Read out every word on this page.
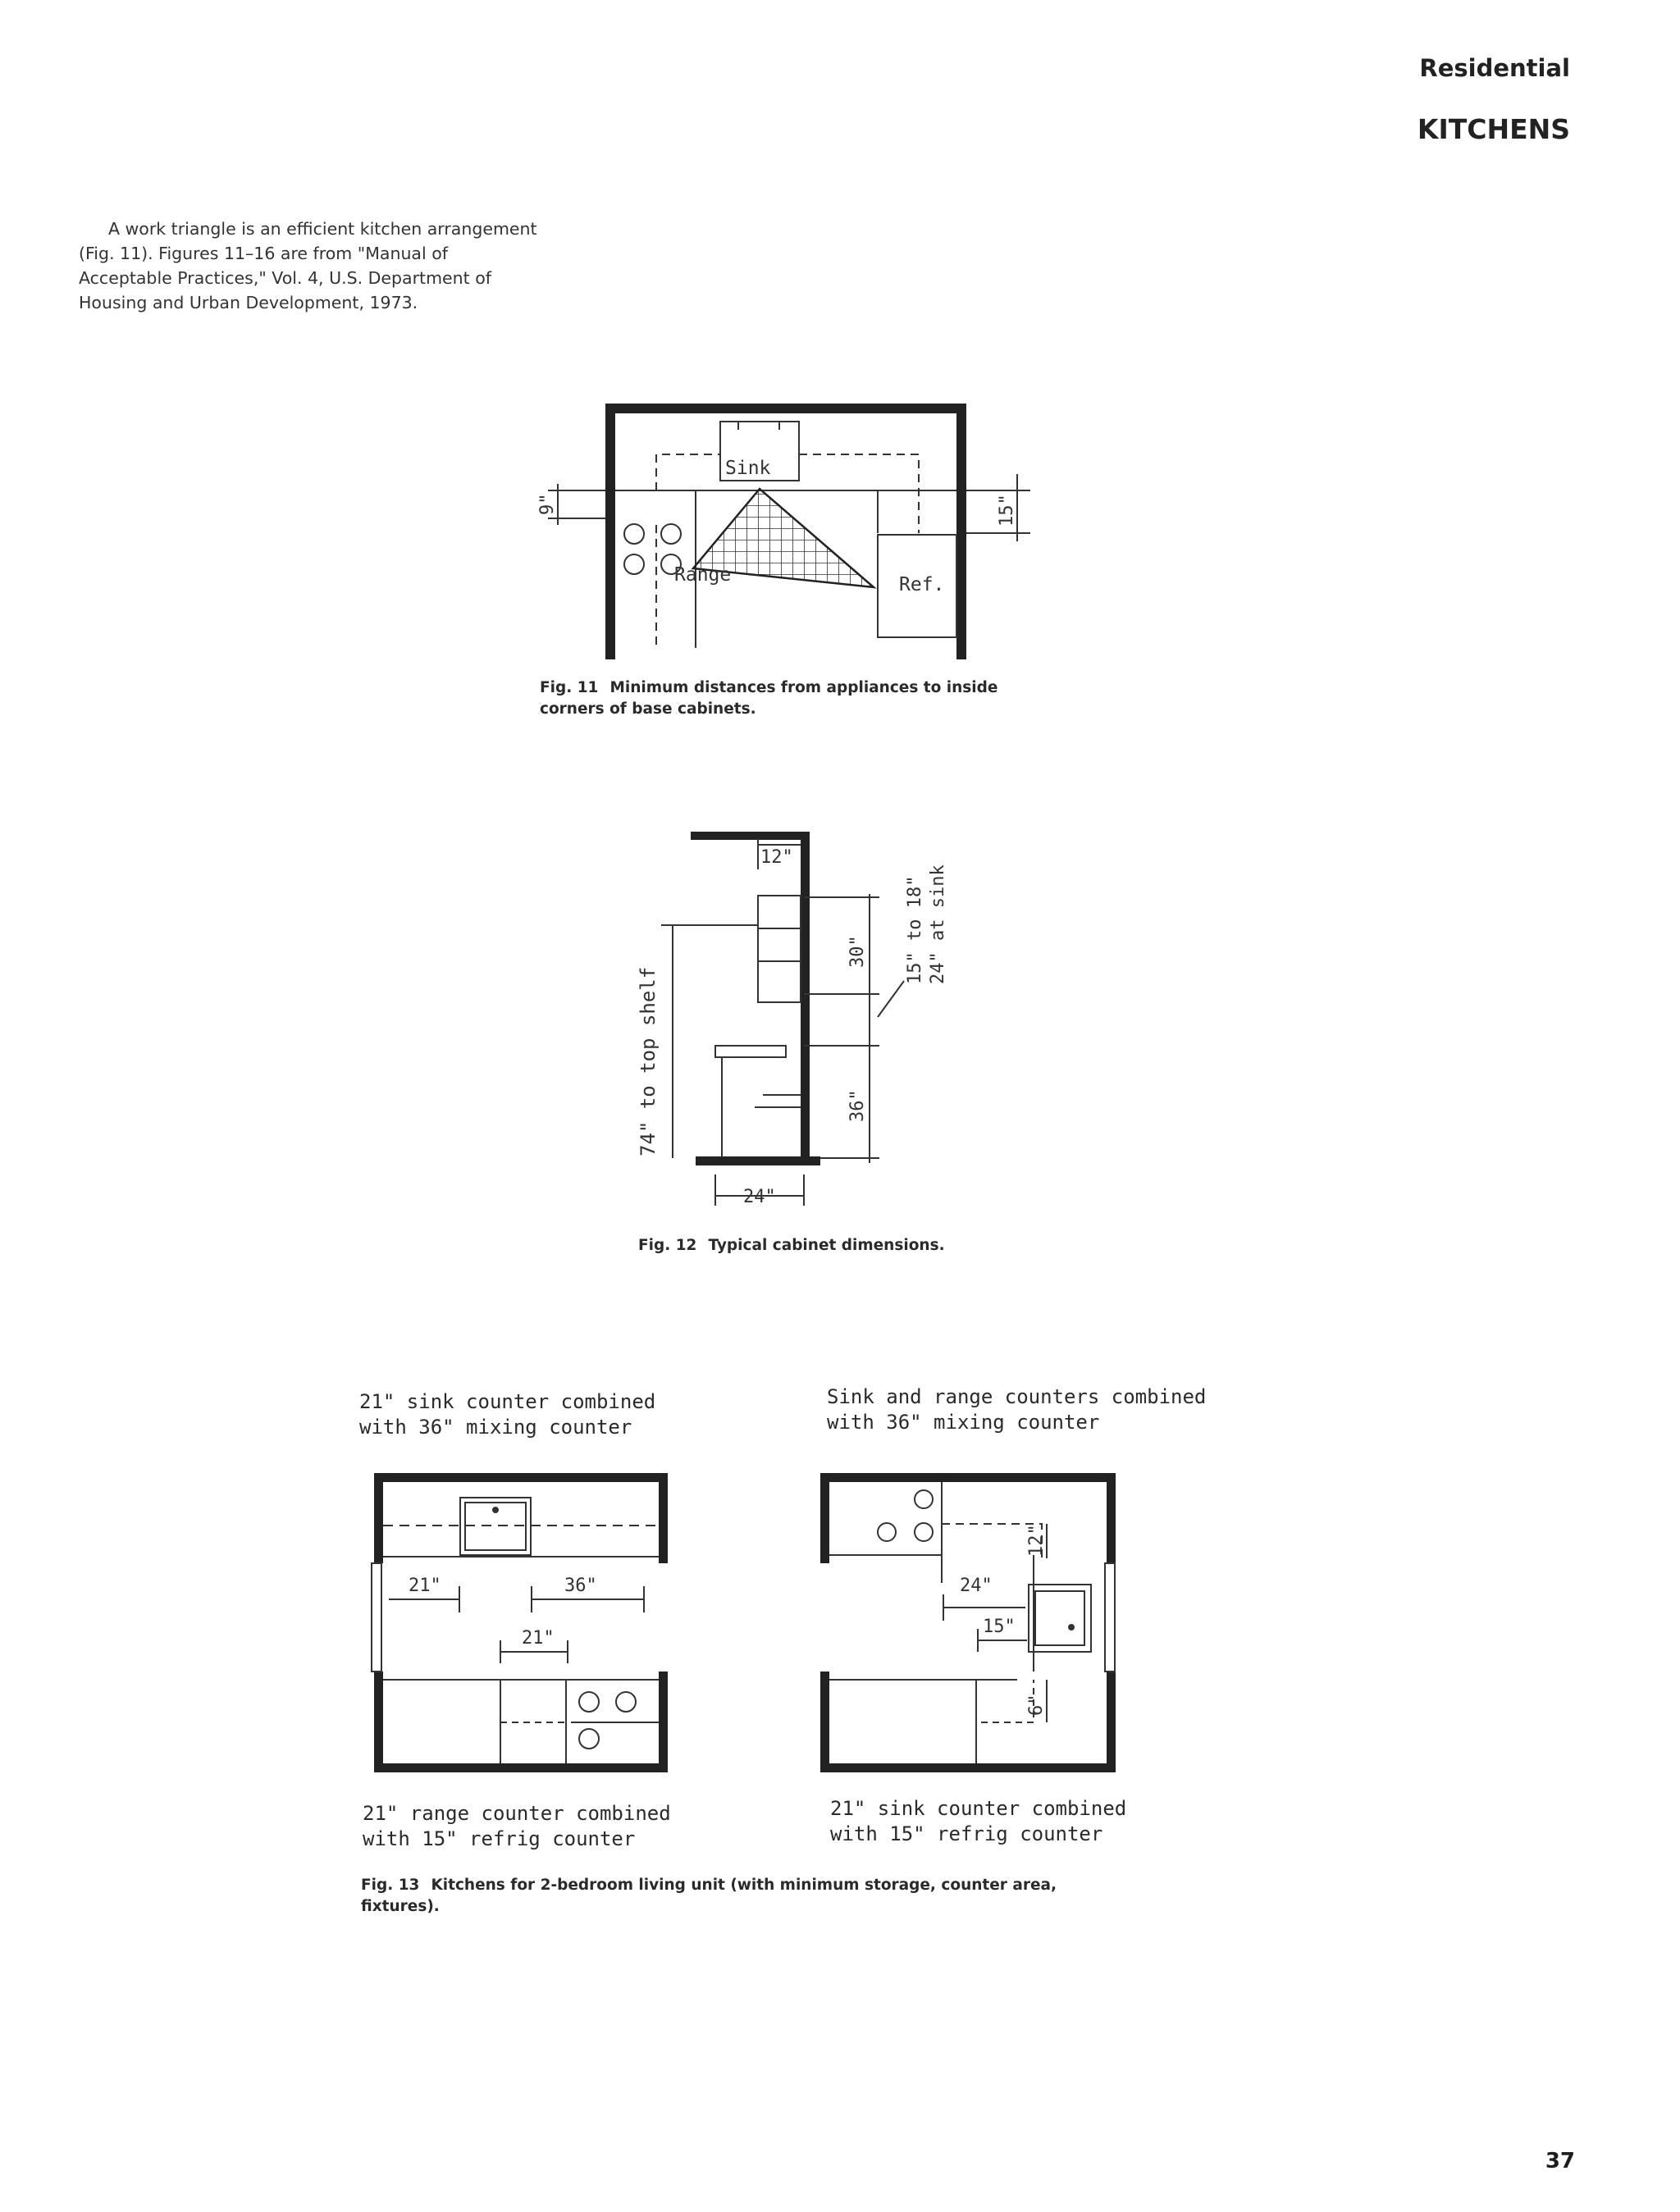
Residential
KITCHENS
A work triangle is an efficient kitchen arrangement (Fig. 11). Figures 11–16 are from "Manual of Acceptable Practices," Vol. 4, U.S. Department of Housing and Urban Development, 1973.
Sink
Range	Ref.
9"	15"
Fig. 11 Minimum distances from appliances to inside corners of base cabinets.
12"
30"
36"
24"
74" to top shelf
15" to 18" 24" at sink
Fig. 12 Typical cabinet dimensions.
21" sink counter combined
with 36" mixing counter
Sink and range counters combined
with 36" mixing counter
21"	36"
21"
12"
24"
15"
6"
21" range counter combined
with 15" refrig counter
21" sink counter combined
with 15" refrig counter
Fig. 13 Kitchens for 2-bedroom living unit (with minimum storage, counter area, fixtures).
37
